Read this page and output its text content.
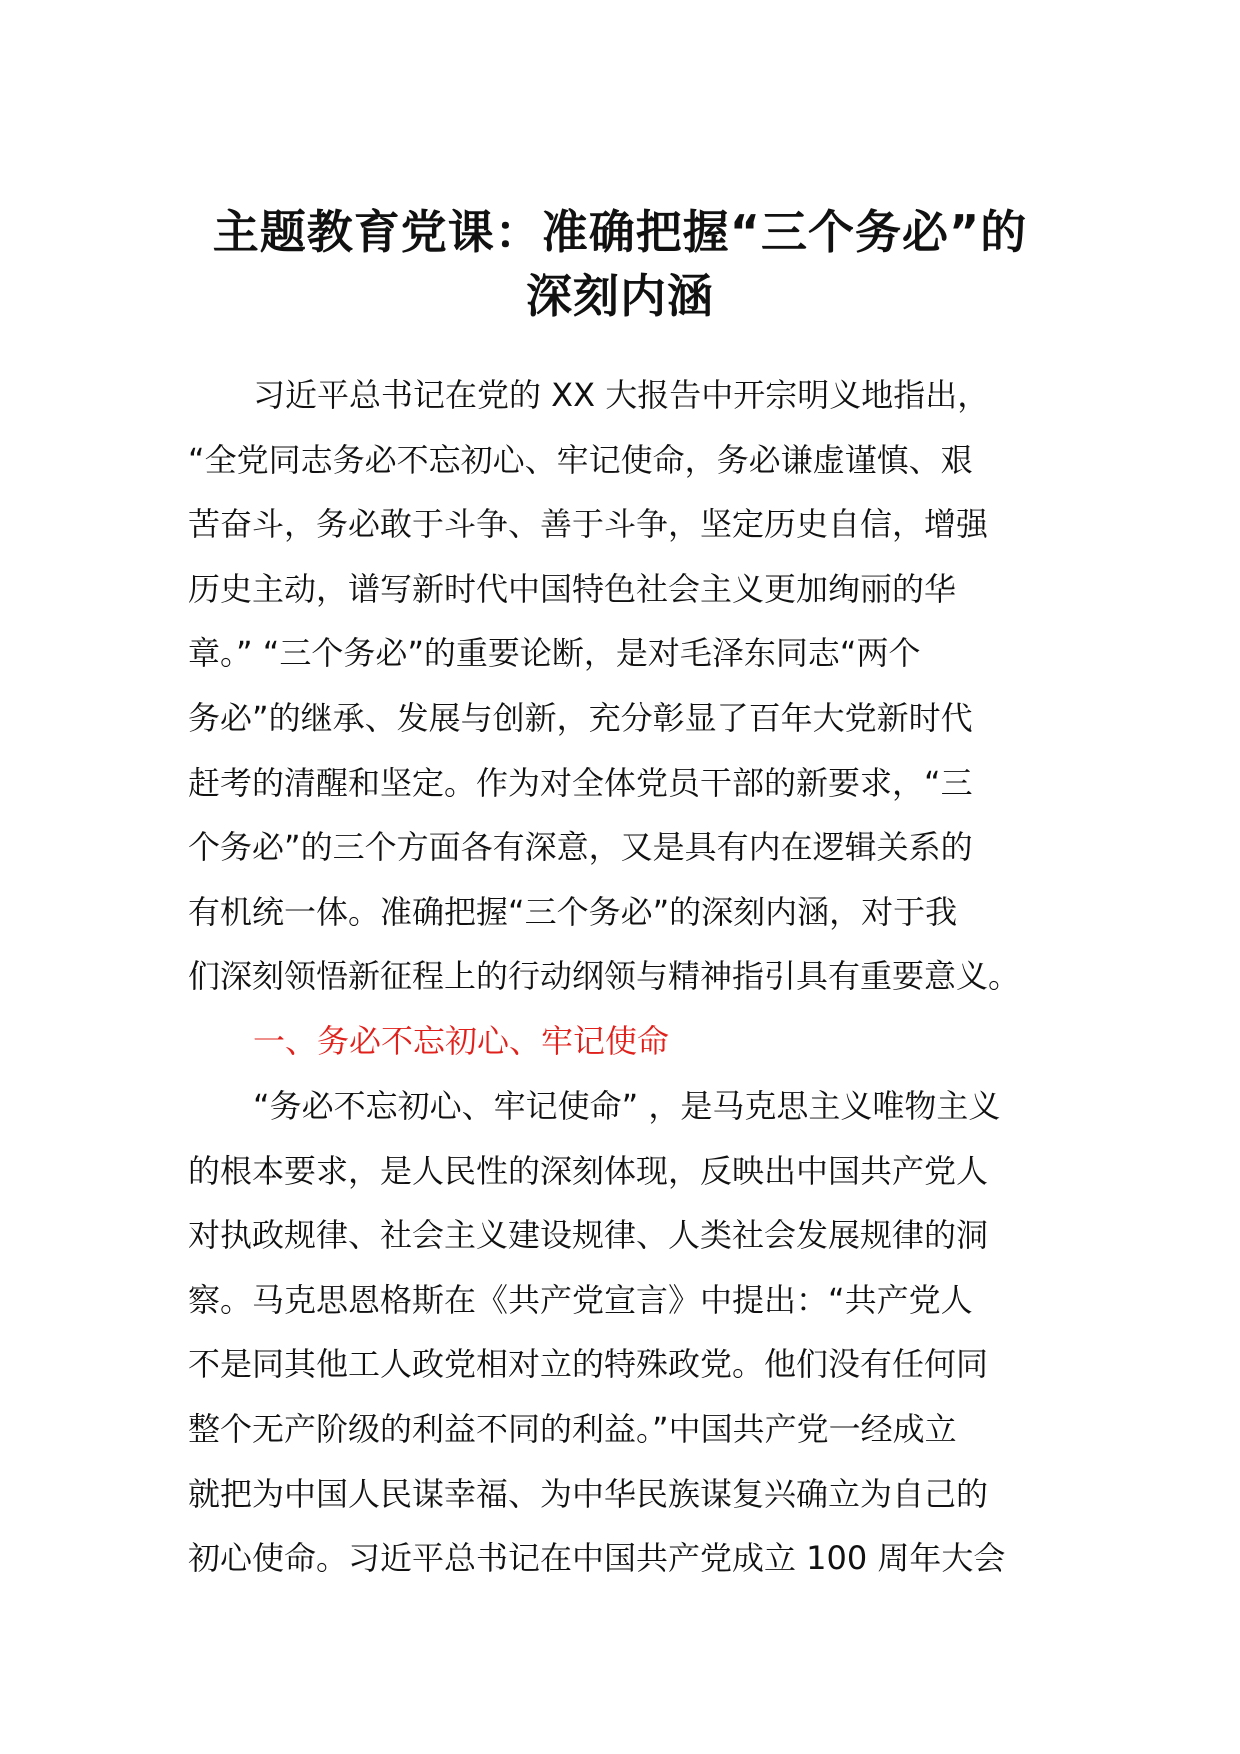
主题教育党课：准确把握“三个务必”的
深刻内涵
习近平总书记在党的 XX 大报告中开宗明义地指出，
“全党同志务必不忘初心、牢记使命，务必谦虚谨慎、艰
苦奋斗，务必敢于斗争、善于斗争，坚定历史自信，增强
历史主动，谱写新时代中国特色社会主义更加绚丽的华
章。” “三个务必”的重要论断，是对毛泽东同志“两个
务必”的继承、发展与创新，充分彰显了百年大党新时代
赶考的清醒和坚定。作为对全体党员干部的新要求，“三
个务必”的三个方面各有深意，又是具有内在逻辑关系的
有机统一体。准确把握“三个务必”的深刻内涵，对于我
们深刻领悟新征程上的行动纲领与精神指引具有重要意义。
一、务必不忘初心、牢记使命
“务必不忘初心、牢记使命” ，是马克思主义唯物主义
的根本要求，是人民性的深刻体现，反映出中国共产党人
对执政规律、社会主义建设规律、人类社会发展规律的洞
察。马克思恩格斯在《共产党宣言》中提出：“共产党人
不是同其他工人政党相对立的特殊政党。他们没有任何同
整个无产阶级的利益不同的利益。”中国共产党一经成立
就把为中国人民谋幸福、为中华民族谋复兴确立为自己的
初心使命。习近平总书记在中国共产党成立 100 周年大会
